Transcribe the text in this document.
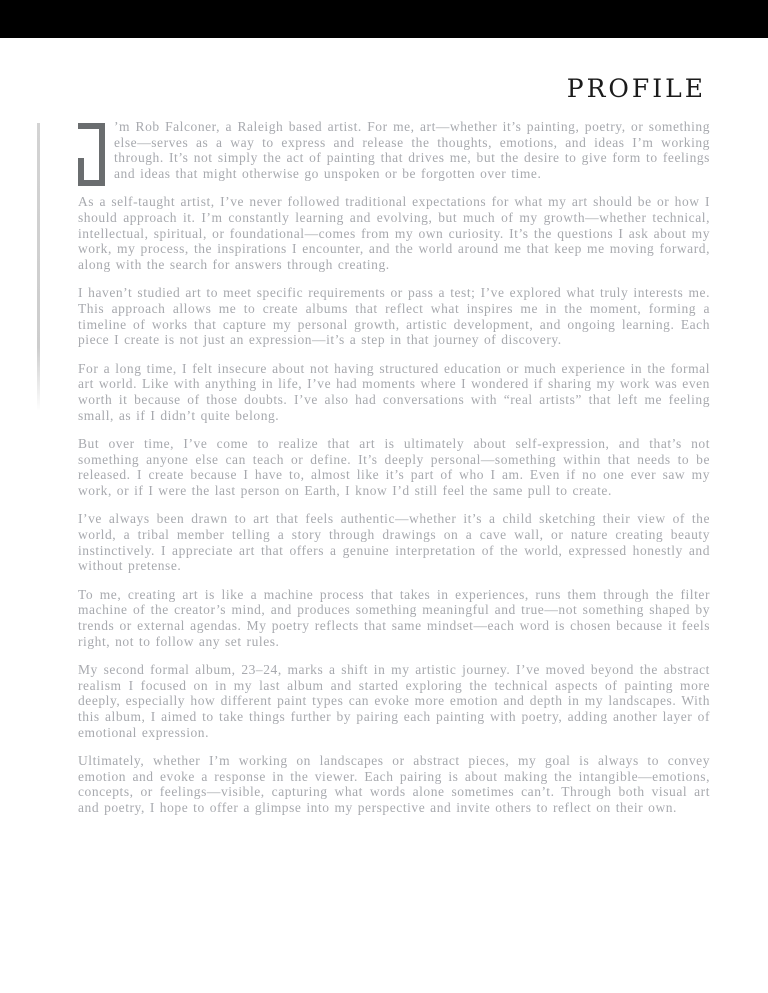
PROFILE

’m Rob Falconer, a Raleigh based artist. For me, art—whether it’s painting, poetry, or something else—serves as a way to express and release the thoughts, emotions, and ideas I’m working through. It’s not simply the act of painting that drives me, but the desire to give form to feelings and ideas that might otherwise go unspoken or be forgotten over time.

As a self-taught artist, I’ve never followed traditional expectations for what my art should be or how I should approach it. I’m constantly learning and evolving, but much of my growth—whether technical, intellectual, spiritual, or foundational—comes from my own curiosity. It’s the questions I ask about my work, my process, the inspirations I encounter, and the world around me that keep me moving forward, along with the search for answers through creating.

I haven’t studied art to meet specific requirements or pass a test; I’ve explored what truly interests me. This approach allows me to create albums that reflect what inspires me in the moment, forming a timeline of works that capture my personal growth, artistic development, and ongoing learning. Each piece I create is not just an expression—it’s a step in that journey of discovery.

For a long time, I felt insecure about not having structured education or much experience in the formal art world. Like with anything in life, I’ve had moments where I wondered if sharing my work was even worth it because of those doubts. I’ve also had conversations with “real artists” that left me feeling small, as if I didn’t quite belong.

But over time, I’ve come to realize that art is ultimately about self-expression, and that’s not something anyone else can teach or define. It’s deeply personal—something within that needs to be released. I create because I have to, almost like it’s part of who I am. Even if no one ever saw my work, or if I were the last person on Earth, I know I’d still feel the same pull to create.

I’ve always been drawn to art that feels authentic—whether it’s a child sketching their view of the world, a tribal member telling a story through drawings on a cave wall, or nature creating beauty instinctively. I appreciate art that offers a genuine interpretation of the world, expressed honestly and without pretense.

To me, creating art is like a machine process that takes in experiences, runs them through the filter machine of the creator’s mind, and produces something meaningful and true—not something shaped by trends or external agendas. My poetry reflects that same mindset—each word is chosen because it feels right, not to follow any set rules.

My second formal album, 23–24, marks a shift in my artistic journey. I’ve moved beyond the abstract realism I focused on in my last album and started exploring the technical aspects of painting more deeply, especially how different paint types can evoke more emotion and depth in my landscapes. With this album, I aimed to take things further by pairing each painting with poetry, adding another layer of emotional expression.

Ultimately, whether I’m working on landscapes or abstract pieces, my goal is always to convey emotion and evoke a response in the viewer. Each pairing is about making the intangible—emotions, concepts, or feelings—visible, capturing what words alone sometimes can’t. Through both visual art and poetry, I hope to offer a glimpse into my perspective and invite others to reflect on their own.
